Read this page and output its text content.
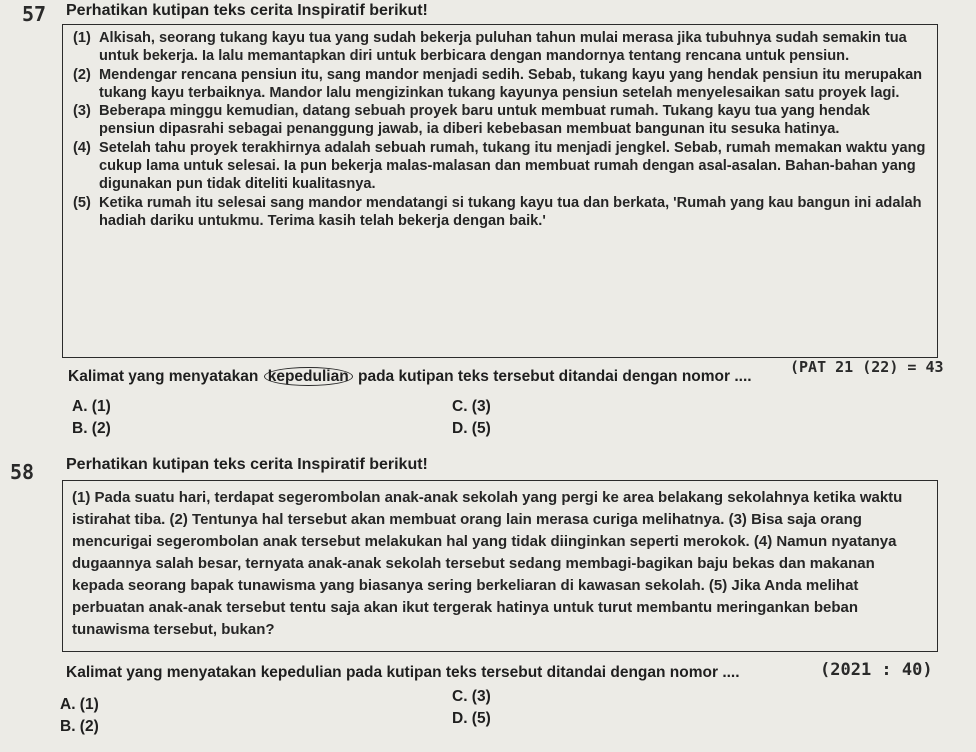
57 Perhatikan kutipan teks cerita Inspiratif berikut!
(1) Alkisah, seorang tukang kayu tua yang sudah bekerja puluhan tahun mulai merasa jika tubuhnya sudah semakin tua untuk bekerja. Ia lalu memantapkan diri untuk berbicara dengan mandornya tentang rencana untuk pensiun.
(2) Mendengar rencana pensiun itu, sang mandor menjadi sedih. Sebab, tukang kayu yang hendak pensiun itu merupakan tukang kayu terbaiknya. Mandor lalu mengizinkan tukang kayunya pensiun setelah menyelesaikan satu proyek lagi.
(3) Beberapa minggu kemudian, datang sebuah proyek baru untuk membuat rumah. Tukang kayu tua yang hendak pensiun dipasrahi sebagai penanggung jawab, ia diberi kebebasan membuat bangunan itu sesuka hatinya.
(4) Setelah tahu proyek terakhirnya adalah sebuah rumah, tukang itu menjadi jengkel. Sebab, rumah memakan waktu yang cukup lama untuk selesai. Ia pun bekerja malas-malasan dan membuat rumah dengan asal-asalan. Bahan-bahan yang digunakan pun tidak diteliti kualitasnya.
(5) Ketika rumah itu selesai sang mandor mendatangi si tukang kayu tua dan berkata, 'Rumah yang kau bangun ini adalah hadiah dariku untukmu. Terima kasih telah bekerja dengan baik.'
Kalimat yang menyatakan kepedulian pada kutipan teks tersebut ditandai dengan nomor ....
(PAT 21 (22) = 43
A. (1)
B. (2)
C. (3)
D. (5)
58 Perhatikan kutipan teks cerita Inspiratif berikut!
(1) Pada suatu hari, terdapat segerombolan anak-anak sekolah yang pergi ke area belakang sekolahnya ketika waktu istirahat tiba. (2) Tentunya hal tersebut akan membuat orang lain merasa curiga melihatnya. (3) Bisa saja orang mencurigai segerombolan anak tersebut melakukan hal yang tidak diinginkan seperti merokok. (4) Namun nyatanya dugaannya salah besar, ternyata anak-anak sekolah tersebut sedang membagi-bagikan baju bekas dan makanan kepada seorang bapak tunawisma yang biasanya sering berkeliaran di kawasan sekolah. (5) Jika Anda melihat perbuatan anak-anak tersebut tentu saja akan ikut tergerak hatinya untuk turut membantu meringankan beban tunawisma tersebut, bukan?
Kalimat yang menyatakan kepedulian pada kutipan teks tersebut ditandai dengan nomor ....	(2021 : 40)
A. (1)
B. (2)
C. (3)
D. (5)
